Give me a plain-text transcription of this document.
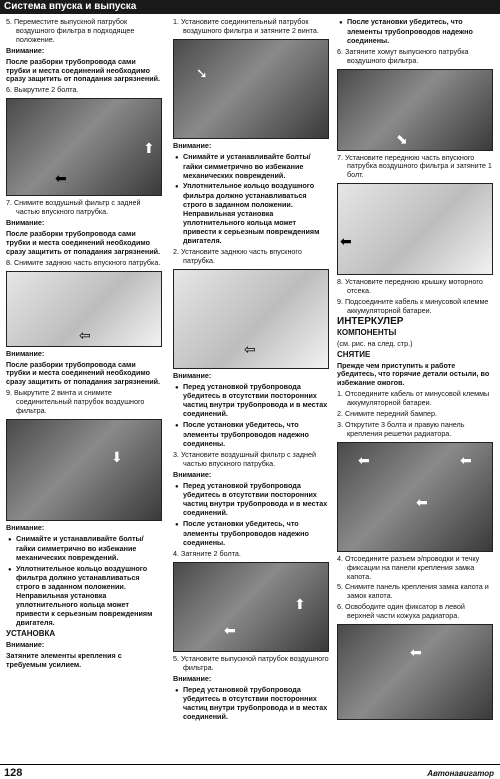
Система впуска и выпуска

5. Переместите выпускной патрубок воздушного фильтра в подходящее положение.

Внимание:

После разборки трубопровода сами трубки и места соединений необходимо сразу защитить от попадания загрязнений.

6. Выкрутите 2 болта.

⬆
⬅

7. Снимите воздушный фильтр с задней частью впускного патрубка.

Внимание:

После разборки трубопровода сами трубки и места соединений необходимо сразу защитить от попадания загрязнений.

8. Снимите заднюю часть впускного патрубка.

⇦

Внимание:

После разборки трубопровода сами трубки и места соединений необходимо сразу защитить от попадания загрязнений.

9. Выкрутите 2 винта и снимите соединительный патрубок воздушного фильтра.

⬇

Внимание:

● Снимайте и устанавливайте болты/гайки симметрично во избежание механических повреждений.

● Уплотнительное кольцо воздушного фильтра должно устанавливаться строго в заданном положении. Неправильная установка уплотнительного кольца может привести к серьезным повреждениям двигателя.

УСТАНОВКА

Внимание:

Затяните элементы крепления с требуемым усилием.

1. Установите соединительный патрубок воздушного фильтра и затяните 2 винта.

➘

Внимание:

● Снимайте и устанавливайте болты/гайки симметрично во избежание механических повреждений.

● Уплотнительное кольцо воздушного фильтра должно устанавливаться строго в заданном положении. Неправильная установка уплотнительного кольца может привести к серьезным повреждениям двигателя.

2. Установите заднюю часть впускного патрубка.

⇦

Внимание:

● Перед установкой трубопровода убедитесь в отсутствии посторонних частиц внутри трубопровода и в местах соединений.

● После установки убедитесь, что элементы трубопроводов надежно соединены.

3. Установите воздушный фильтр с задней частью впускного патрубка.

Внимание:

● Перед установкой трубопровода убедитесь в отсутствии посторонних частиц внутри трубопровода и в местах соединений.

● После установки убедитесь, что элементы трубопроводов надежно соединены.

4. Затяните 2 болта.

⬆
⬅

5. Установите выпускной патрубок воздушного фильтра.

Внимание:

● Перед установкой трубопровода убедитесь в отсутствии посторонних частиц внутри трубопровода и в местах соединений.

● После установки убедитесь, что элементы трубопроводов надежно соединены.

6. Затяните хомут выпускного патрубка воздушного фильтра.

⬊

7. Установите переднюю часть впускного патрубка воздушного фильтра и затяните 1 болт.

⬅

8. Установите переднюю крышку моторного отсека.

9. Подсоедините кабель к минусовой клемме аккумуляторной батареи.

ИНТЕРКУЛЕР

КОМПОНЕНТЫ

(см. рис. на след. стр.)

СНЯТИЕ

Прежде чем приступить к работе убедитесь, что горячие детали остыли, во избежание ожогов.

1. Отсоедините кабель от минусовой клеммы аккумуляторной батареи.

2. Снимите передний бампер.

3. Открутите 3 болта и правую панель крепления решетки радиатора.

⬅	⬅
⬅

4. Отсоедините разъем э/проводки и течку фиксации на панели крепления замка капота.

5. Снимите панель крепления замка капота и замок капота.

6. Освободите один фиксатор в левой верхней части кожуха радиатора.

⬅
128	Автонавигатор
